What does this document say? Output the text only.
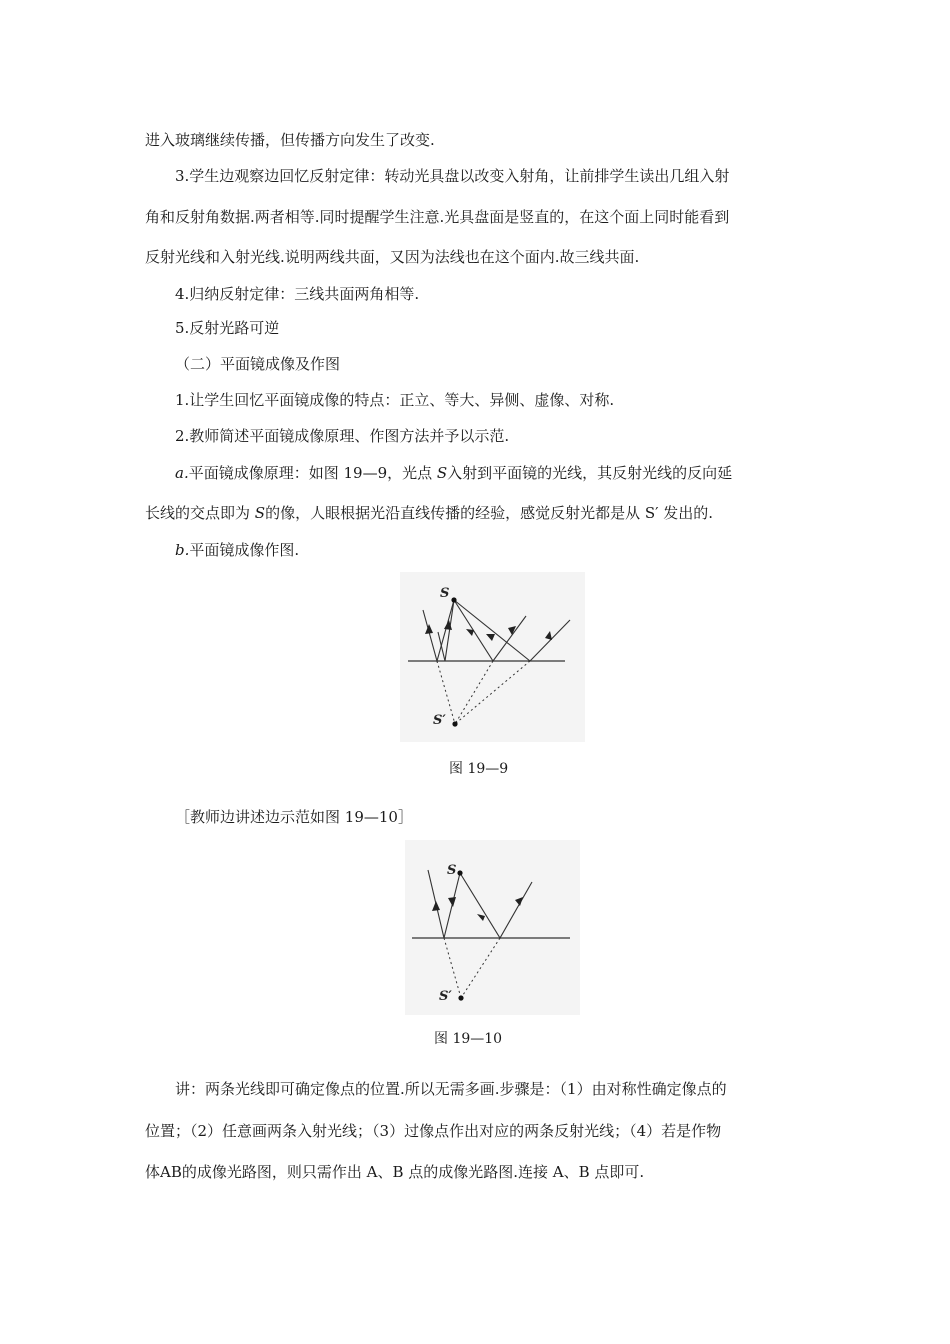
进入玻璃继续传播，但传播方向发生了改变.
3.学生边观察边回忆反射定律：转动光具盘以改变入射角，让前排学生读出几组入射
角和反射角数据.两者相等.同时提醒学生注意.光具盘面是竖直的，在这个面上同时能看到
反射光线和入射光线.说明两线共面，又因为法线也在这个面内.故三线共面.
4.归纳反射定律：三线共面两角相等.
5.反射光路可逆
（二）平面镜成像及作图
1.让学生回忆平面镜成像的特点：正立、等大、异侧、虚像、对称.
2.教师简述平面镜成像原理、作图方法并予以示范.
a.平面镜成像原理：如图 19—9，光点 S入射到平面镜的光线，其反射光线的反向延
长线的交点即为 S的像，人眼根据光沿直线传播的经验，感觉反射光都是从 S′ 发出的.
b.平面镜成像作图.
S
S′
图 19—9
［教师边讲述边示范如图 19—10］
S
S′
图 19—10
讲：两条光线即可确定像点的位置.所以无需多画.步骤是：（1）由对称性确定像点的
位置；（2）任意画两条入射光线；（3）过像点作出对应的两条反射光线；（4）若是作物
体AB的成像光路图，则只需作出 A、B 点的成像光路图.连接 A、B 点即可.
